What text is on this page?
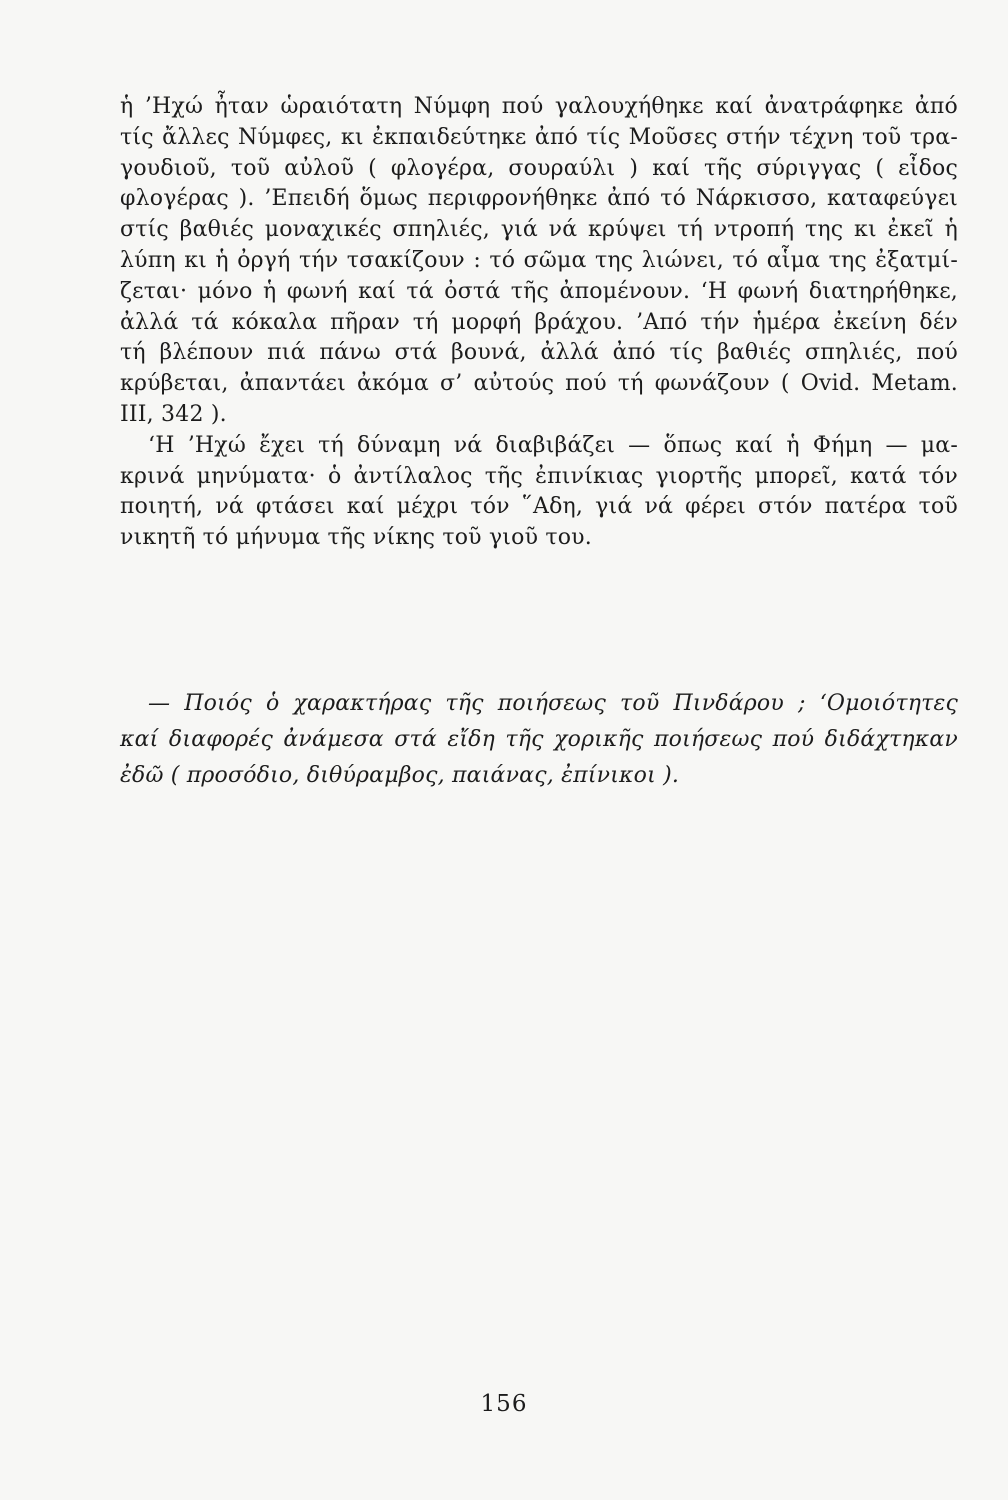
ἡ ’Ηχώ ἦταν ὡραιότατη Νύμφη πού γαλουχήθηκε καί ἀνατράφηκε ἀπό
τίς ἄλλες Νύμφες, κι ἐκπαιδεύτηκε ἀπό τίς Μοῦσες στήν τέχνη τοῦ τρα-
γουδιοῦ, τοῦ αὐλοῦ ( φλογέρα, σουραύλι ) καί τῆς σύριγγας ( εἶδος
φλογέρας ). ’Επειδή ὅμως περιφρονήθηκε ἀπό τό Νάρκισσο, καταφεύγει
στίς βαθιές μοναχικές σπηλιές, γιά νά κρύψει τή ντροπή της κι ἐκεῖ ἡ
λύπη κι ἡ ὀργή τήν τσακίζουν : τό σῶμα της λιώνει, τό αἷμα της ἐξατμί-
ζεται· μόνο ἡ φωνή καί τά ὀστά τῆς ἀπομένουν. ‘Η φωνή διατηρήθηκε,
ἀλλά τά κόκαλα πῆραν τή μορφή βράχου. ’Από τήν ἡμέρα ἐκείνη δέν
τή βλέπουν πιά πάνω στά βουνά, ἀλλά ἀπό τίς βαθιές σπηλιές, πού
κρύβεται, ἀπαντάει ἀκόμα σ’ αὐτούς πού τή φωνάζουν ( Ovid. Metam.
III, 342 ).
‘Η ’Ηχώ ἔχει τή δύναμη νά διαβιβάζει — ὅπως καί ἡ Φήμη — μα-
κρινά μηνύματα· ὁ ἀντίλαλος τῆς ἐπινίκιας γιορτῆς μπορεῖ, κατά τόν
ποιητή, νά φτάσει καί μέχρι τόν ῞Αδη, γιά νά φέρει στόν πατέρα τοῦ
νικητῆ τό μήνυμα τῆς νίκης τοῦ γιοῦ του.
— Ποιός ὁ χαρακτήρας τῆς ποιήσεως τοῦ Πινδάρου ; ‘Ομοιότητες
καί διαφορές ἀνάμεσα στά εἴδη τῆς χορικῆς ποιήσεως πού διδάχτηκαν
ἐδῶ ( προσόδιο, διθύραμβος, παιάνας, ἐπίνικοι ).
156
